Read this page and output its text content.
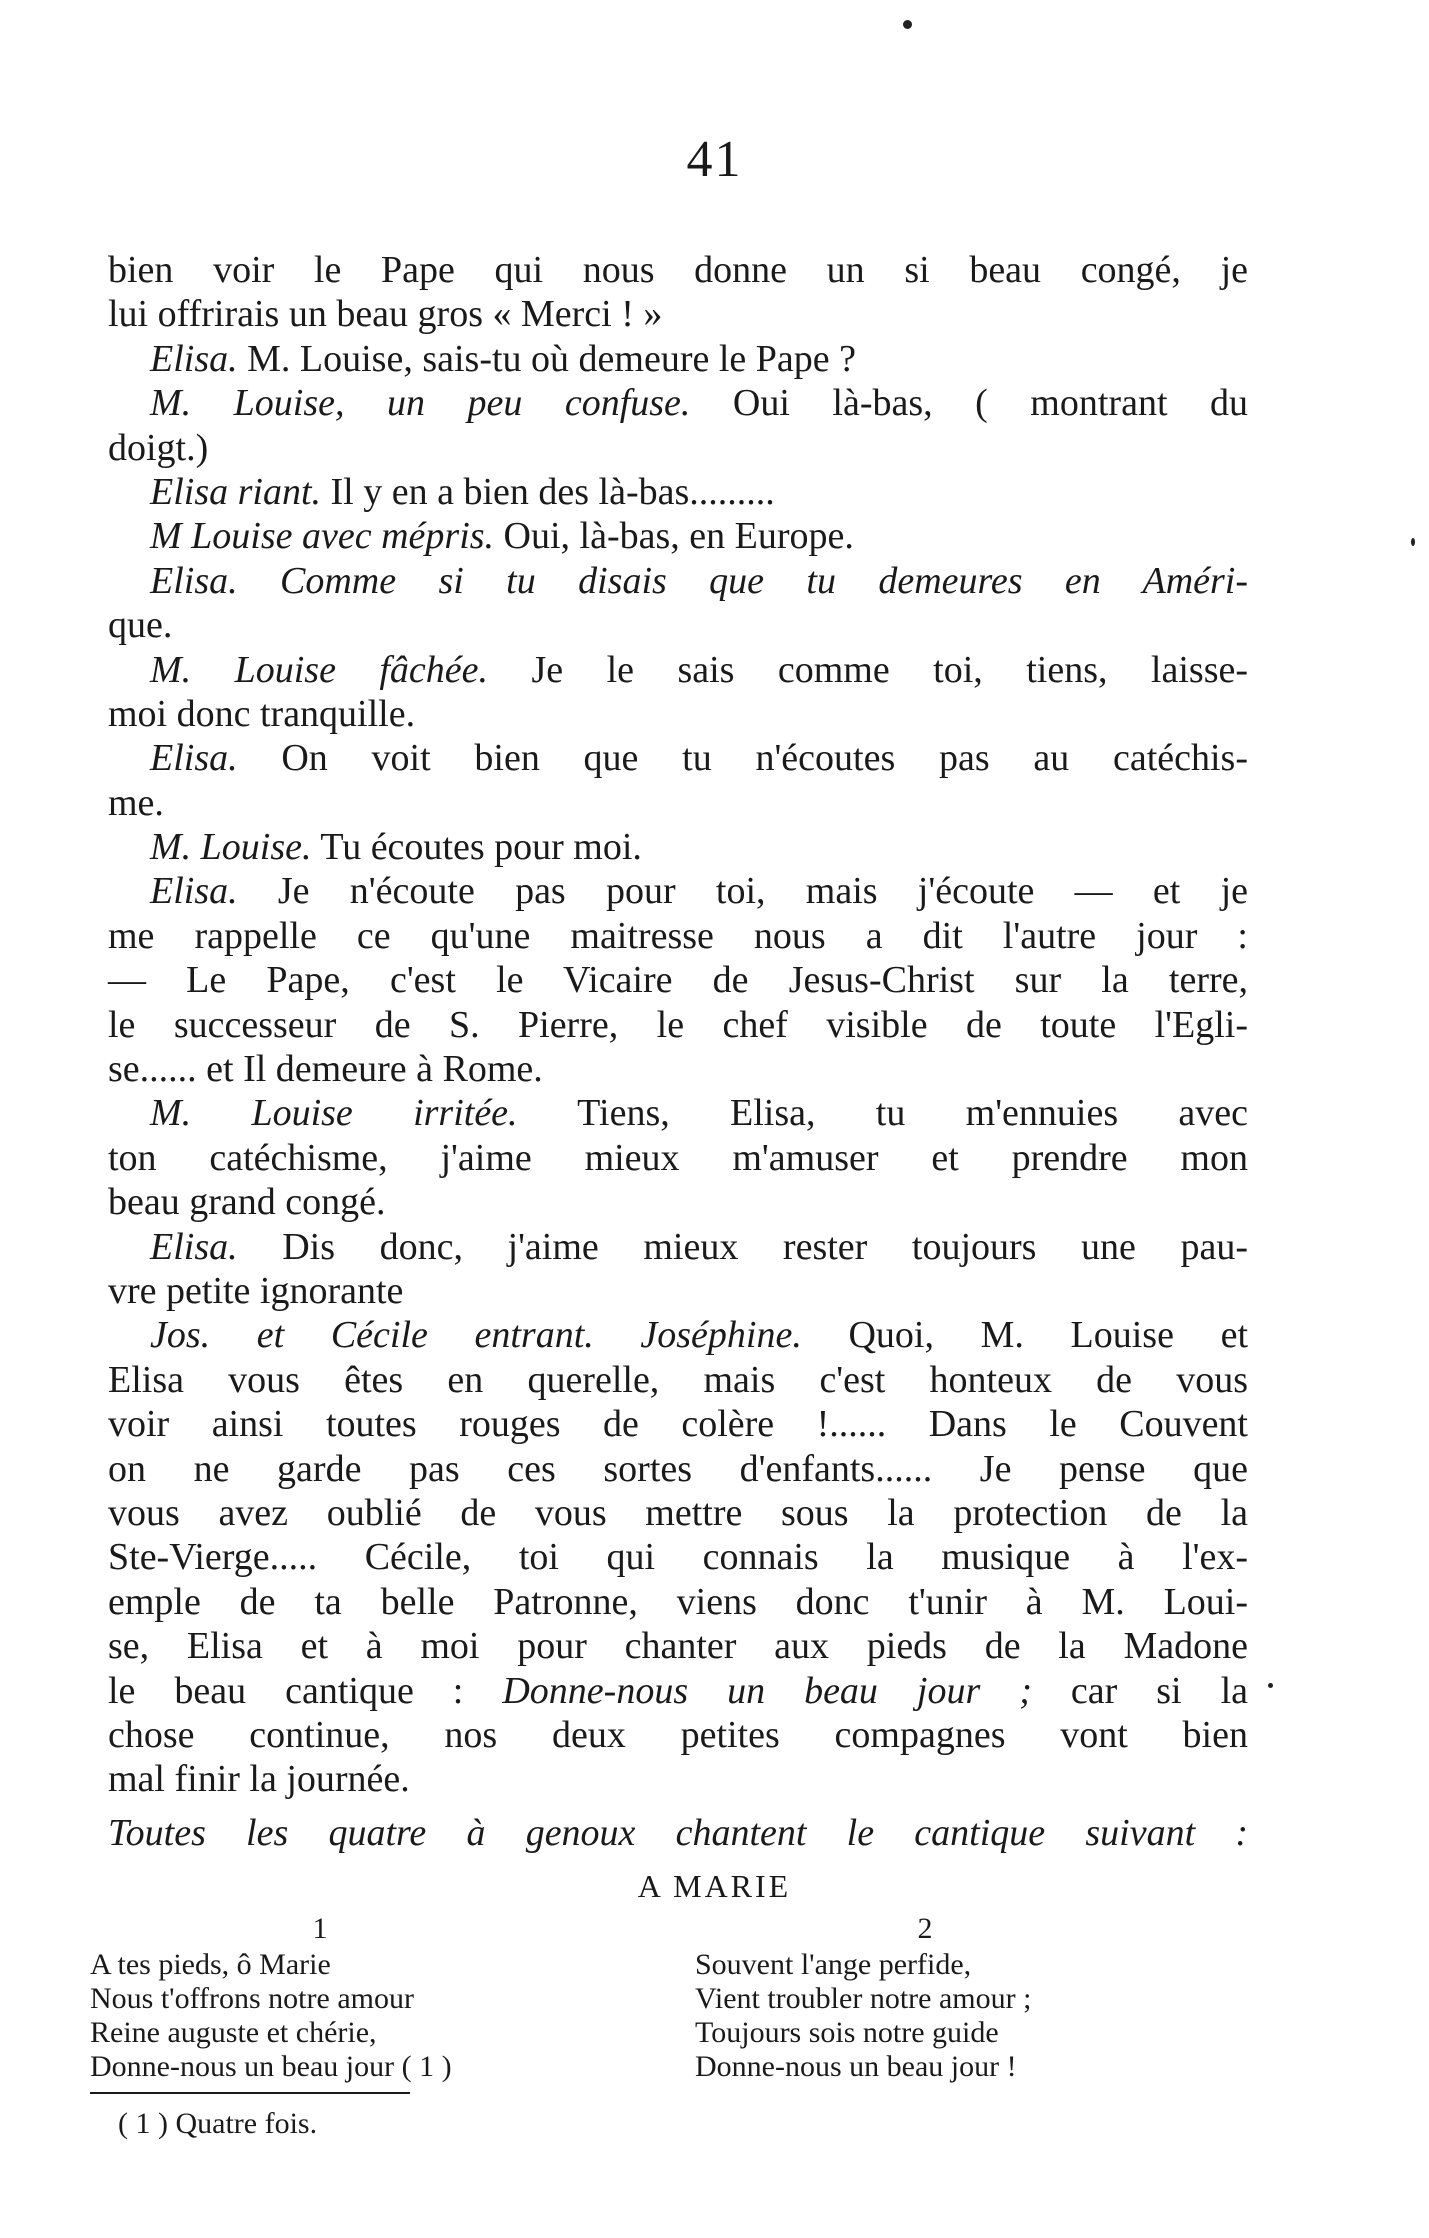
41
bien voir le Pape qui nous donne un si beau congé, je
lui offrirais un beau gros « Merci ! »
Elisa. M. Louise, sais-tu où demeure le Pape ?
M. Louise, un peu confuse. Oui là-bas, ( montrant du
doigt.)
Elisa riant. Il y en a bien des là-bas.........
M Louise avec mépris. Oui, là-bas, en Europe.
Elisa. Comme si tu disais que tu demeures en Améri-
que.
M. Louise fâchée. Je le sais comme toi, tiens, laisse-
moi donc tranquille.
Elisa. On voit bien que tu n'écoutes pas au catéchis-
me.
M. Louise. Tu écoutes pour moi.
Elisa. Je n'écoute pas pour toi, mais j'écoute — et je
me rappelle ce qu'une maitresse nous a dit l'autre jour :
— Le Pape, c'est le Vicaire de Jesus-Christ sur la terre,
le successeur de S. Pierre, le chef visible de toute l'Egli-
se...... et Il demeure à Rome.
M. Louise irritée. Tiens, Elisa, tu m'ennuies avec
ton catéchisme, j'aime mieux m'amuser et prendre mon
beau grand congé.
Elisa. Dis donc, j'aime mieux rester toujours une pau-
vre petite ignorante
Jos. et Cécile entrant. Joséphine. Quoi, M. Louise et
Elisa vous êtes en querelle, mais c'est honteux de vous
voir ainsi toutes rouges de colère !...... Dans le Couvent
on ne garde pas ces sortes d'enfants...... Je pense que
vous avez oublié de vous mettre sous la protection de la
Ste-Vierge..... Cécile, toi qui connais la musique à l'ex-
emple de ta belle Patronne, viens donc t'unir à M. Loui-
se, Elisa et à moi pour chanter aux pieds de la Madone
le beau cantique : Donne-nous un beau jour ; car si la
chose continue, nos deux petites compagnes vont bien
mal finir la journée.
Toutes les quatre à genoux chantent le cantique suivant :
A MARIE
1
A tes pieds, ô Marie
Nous t'offrons notre amour
Reine auguste et chérie,
Donne-nous un beau jour ( 1 )
2
Souvent l'ange perfide,
Vient troubler notre amour ;
Toujours sois notre guide
Donne-nous un beau jour !
( 1 ) Quatre fois.
